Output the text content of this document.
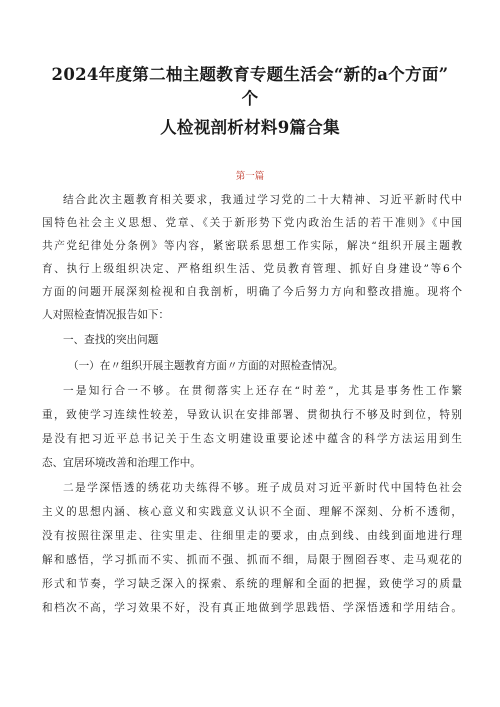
2024年度第二柚主题教育专题生活会“新的a个方面”
个
人检视剖析材料9篇合集
第一篇
结合此次主题教育相关要求，我通过学习党的二十大精神、习近平新时代中
国特色社会主义思想、党章、《关于新形势下党内政治生活的若干准则》《中国
共产党纪律处分条例》等内容，紧密联系思想工作实际，解决“组织开展主题教
育、执行上级组织决定、严格组织生活、党员教育管理、抓好自身建设”等6个
方面的问题开展深刻检视和自我剖析，明确了今后努力方向和整改措施。现将个
人对照检查情况报告如下：
一、查找的突出问题
（一）在〃组织开展主题教育方面〃方面的对照检查情况。
一是知行合一不够。在贯彻落实上还存在“时差”，尤其是事务性工作繁
重，致使学习连续性较差，导致认识在安排部署、贯彻执行不够及时到位，特别
是没有把习近平总书记关于生态文明建设重要论述中蕴含的科学方法运用到生
态、宜居环境改善和治理工作中。
二是学深悟透的绣花功夫练得不够。班子成员对习近平新时代中国特色社会
主义的思想内涵、核心意义和实践意义认识不全面、理解不深刻、分析不透彻，
没有按照往深里走、往实里走、往细里走的要求，由点到线、由线到面地进行理
解和感悟，学习抓而不实、抓而不强、抓而不细，局限于囫囵吞枣、走马观花的
形式和节奏，学习缺乏深入的探索、系统的理解和全面的把握，致使学习的质量
和档次不高，学习效果不好，没有真正地做到学思践悟、学深悟透和学用结合。
